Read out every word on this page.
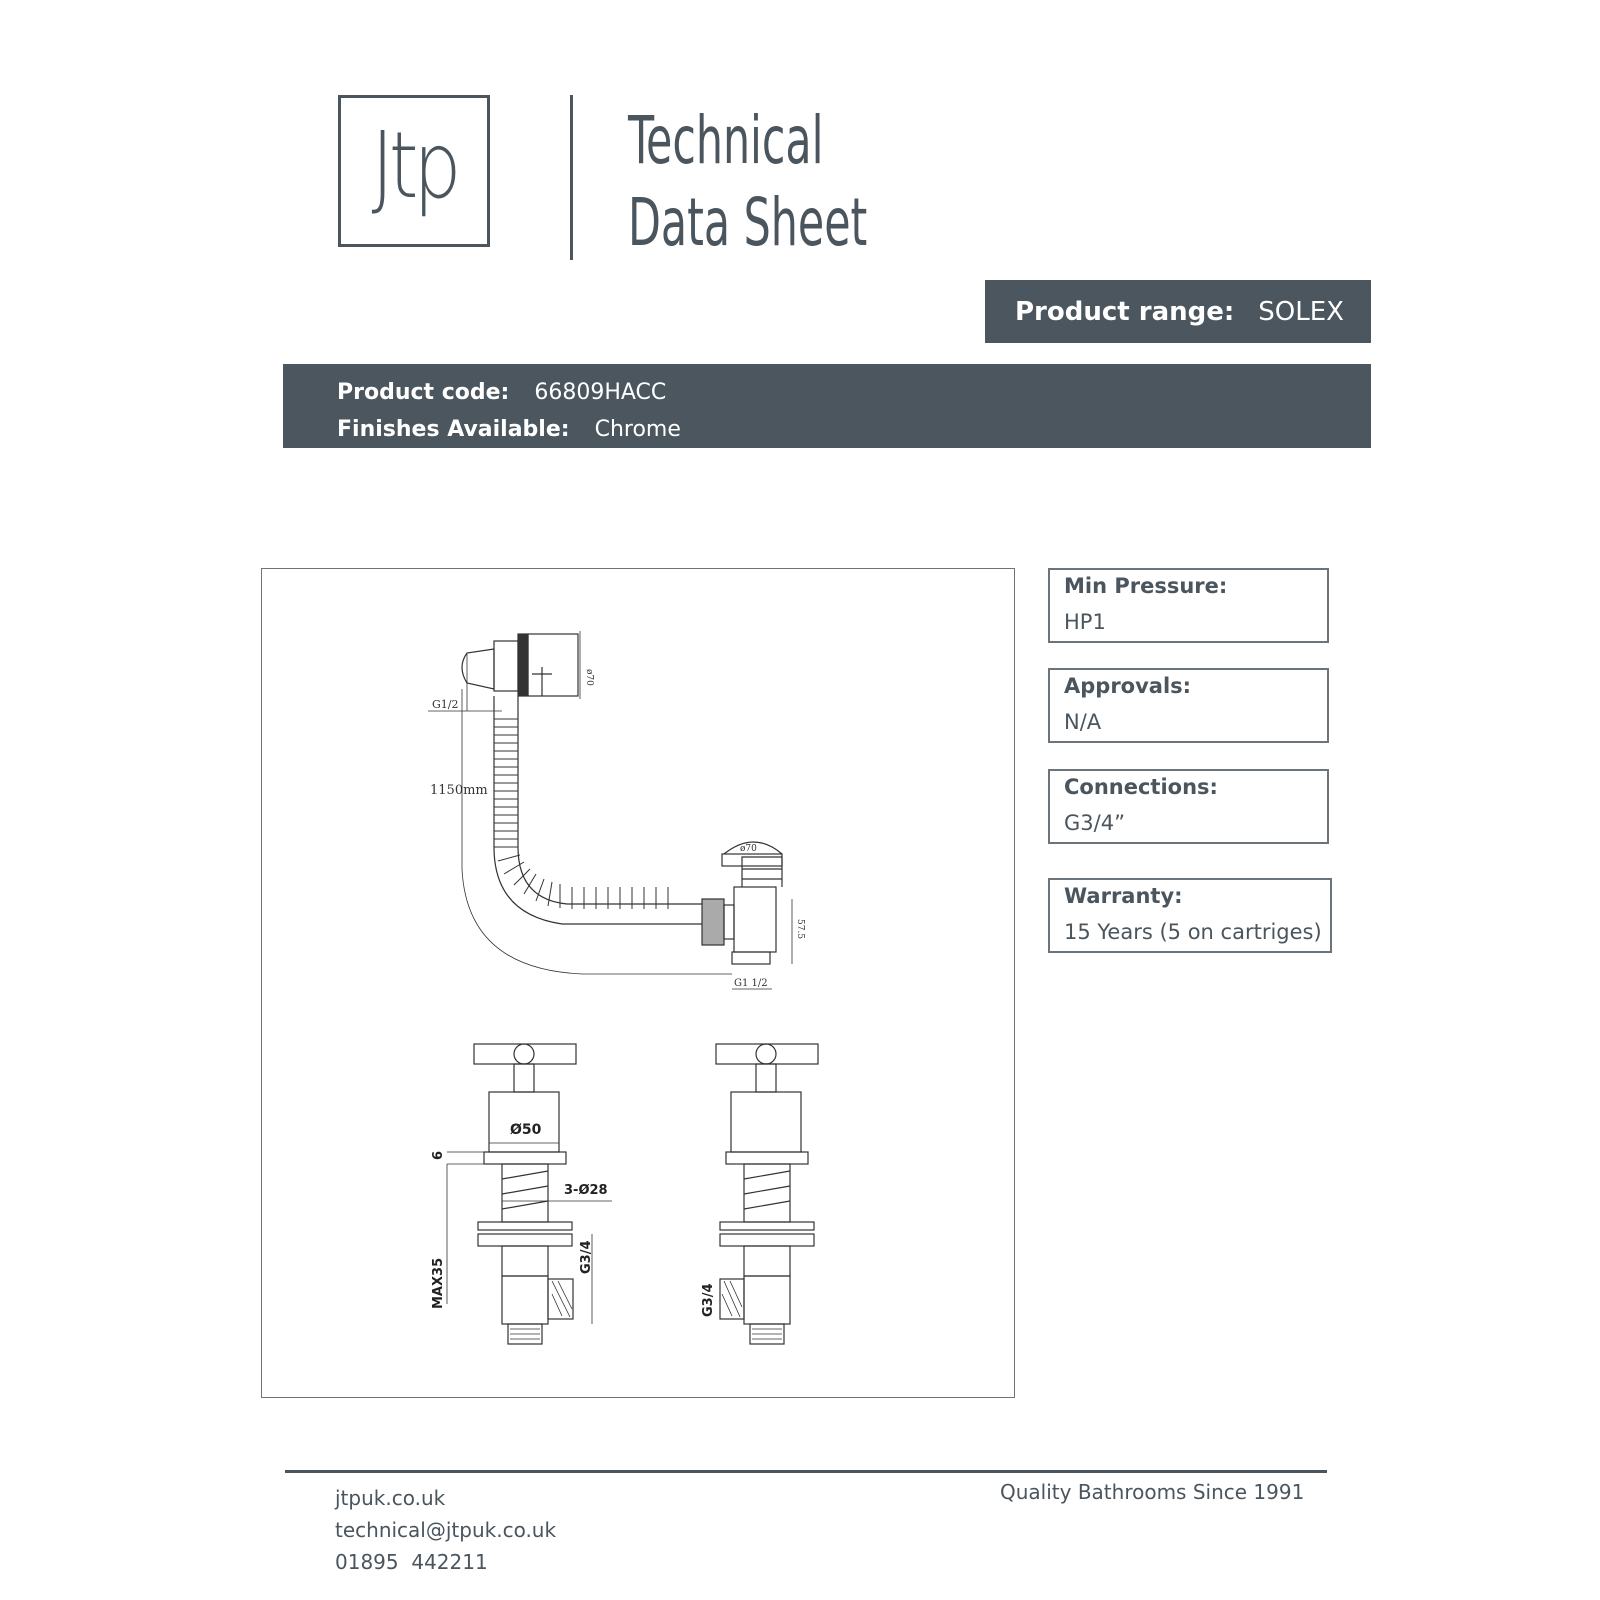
Jtp	Technical
Data Sheet
Product range: SOLEX
Product code: 66809HACC
Finishes Available: Chrome
ø70
G1/2
1150mm
ø70
57.5
G1 1/2
Ø50
6
3-Ø28
MAX35
G3/4
G3/4
Min Pressure:
HP1
Approvals:
N/A
Connections:
G3/4”
Warranty:
15 Years (5 on cartriges)
jtpuk.co.uk
technical@jtpuk.co.uk
01895  442211
Quality Bathrooms Since 1991
